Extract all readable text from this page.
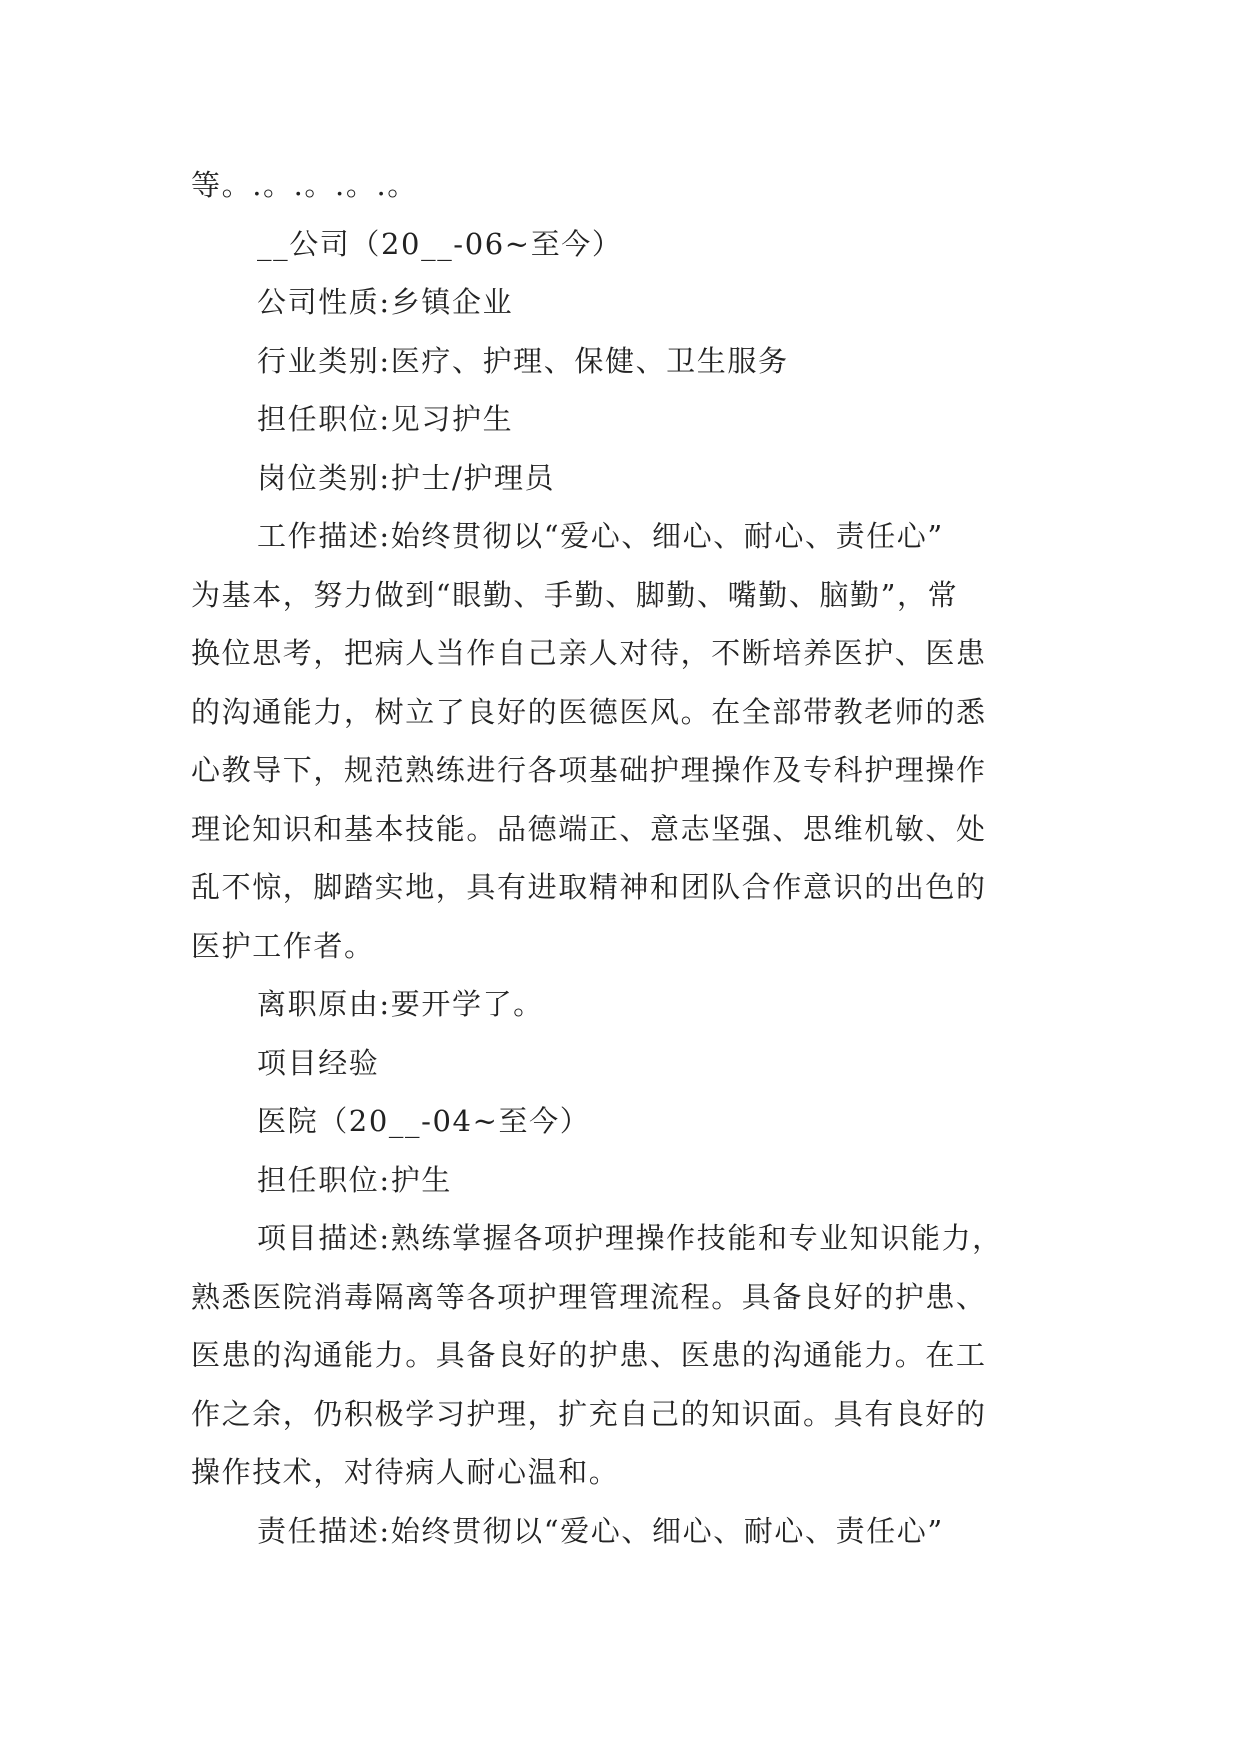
等。.。.。.。.。
__公司（20__-06~至今）
公司性质:乡镇企业
行业类别:医疗、护理、保健、卫生服务
担任职位:见习护生
岗位类别:护士/护理员
工作描述:始终贯彻以“爱心、细心、耐心、责任心”
为基本，努力做到“眼勤、手勤、脚勤、嘴勤、脑勤”，常
换位思考，把病人当作自己亲人对待，不断培养医护、医患
的沟通能力，树立了良好的医德医风。在全部带教老师的悉
心教导下，规范熟练进行各项基础护理操作及专科护理操作
理论知识和基本技能。品德端正、意志坚强、思维机敏、处
乱不惊，脚踏实地，具有进取精神和团队合作意识的出色的
医护工作者。
离职原由:要开学了。
项目经验
医院（20__-04~至今）
担任职位:护生
项目描述:熟练掌握各项护理操作技能和专业知识能力，
熟悉医院消毒隔离等各项护理管理流程。具备良好的护患、
医患的沟通能力。具备良好的护患、医患的沟通能力。在工
作之余，仍积极学习护理，扩充自己的知识面。具有良好的
操作技术，对待病人耐心温和。
责任描述:始终贯彻以“爱心、细心、耐心、责任心”
